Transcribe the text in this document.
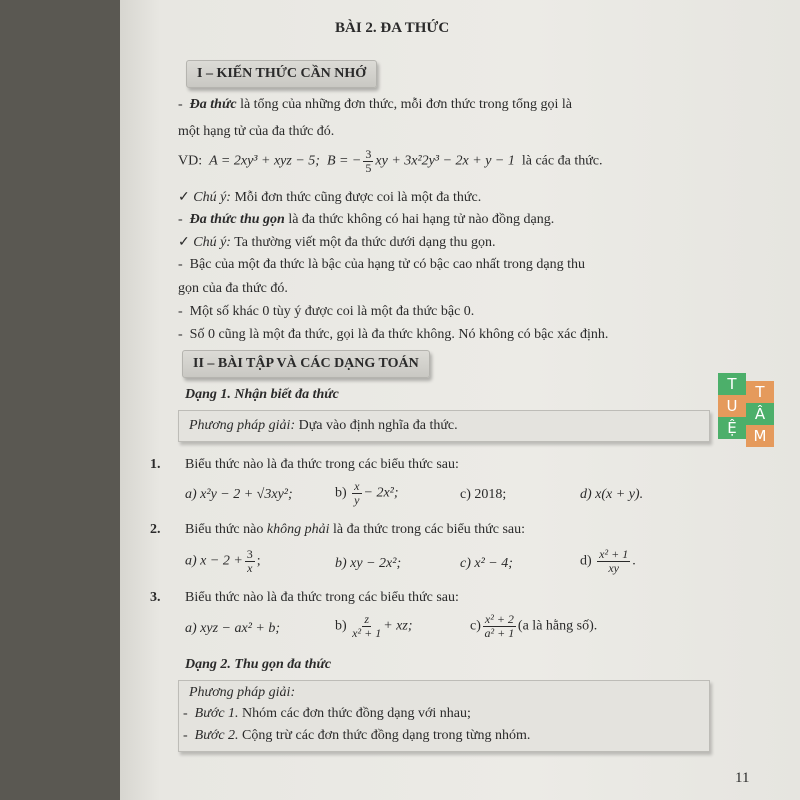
BÀI 2. ĐA THỨC
I – KIẾN THỨC CẦN NHỚ
-  Đa thức là tổng của những đơn thức, mỗi đơn thức trong tổng gọi là
một hạng tử của đa thức đó.
VD: A = 2xy³ + xyz − 5; B = − $\frac{3}{5}$ xy + 3x²2y³ − 2x + y − 1 là các đa thức.
✓ Chú ý: Mỗi đơn thức cũng được coi là một đa thức.
-  Đa thức thu gọn là đa thức không có hai hạng tử nào đồng dạng.
✓ Chú ý: Ta thường viết một đa thức dưới dạng thu gọn.
-  Bậc của một đa thức là bậc của hạng tử có bậc cao nhất trong dạng thu
gọn của đa thức đó.
-  Một số khác 0 tùy ý được coi là một đa thức bậc 0.
-  Số 0 cũng là một đa thức, gọi là đa thức không. Nó không có bậc xác định.
II – BÀI TẬP VÀ CÁC DẠNG TOÁN
Dạng 1. Nhận biết đa thức
Phương pháp giải: Dựa vào định nghĩa đa thức.
1. Biểu thức nào là đa thức trong các biểu thức sau:
a) x²y − 2 + √3xy²;	$b) \frac{x}{y} - 2x^2$;	c) 2018;	d) x(x + y).
2. Biểu thức nào không phải là đa thức trong các biểu thức sau:
a) $x - 2 + \frac{3}{x}$ ;	b) xy − 2x²;	c) x² − 4;	$d) \frac{\text{x² + 1}}{xy}$ .
3. Biểu thức nào là đa thức trong các biểu thức sau:
a) xyz − ax² + b;	$b) \frac{z}{\text{x² + 1}}$ + xz;	$c) \frac{\text{x² + 2}}{\text{a² + 1}} (a$ là hằng số).
Dạng 2. Thu gọn đa thức
Phương pháp giải:
-  Bước 1. Nhóm các đơn thức đồng dạng với nhau;
-  Bước 2. Cộng trừ các đơn thức đồng dạng trong từng nhóm.
11
T	T
U	Â
Ệ	M
